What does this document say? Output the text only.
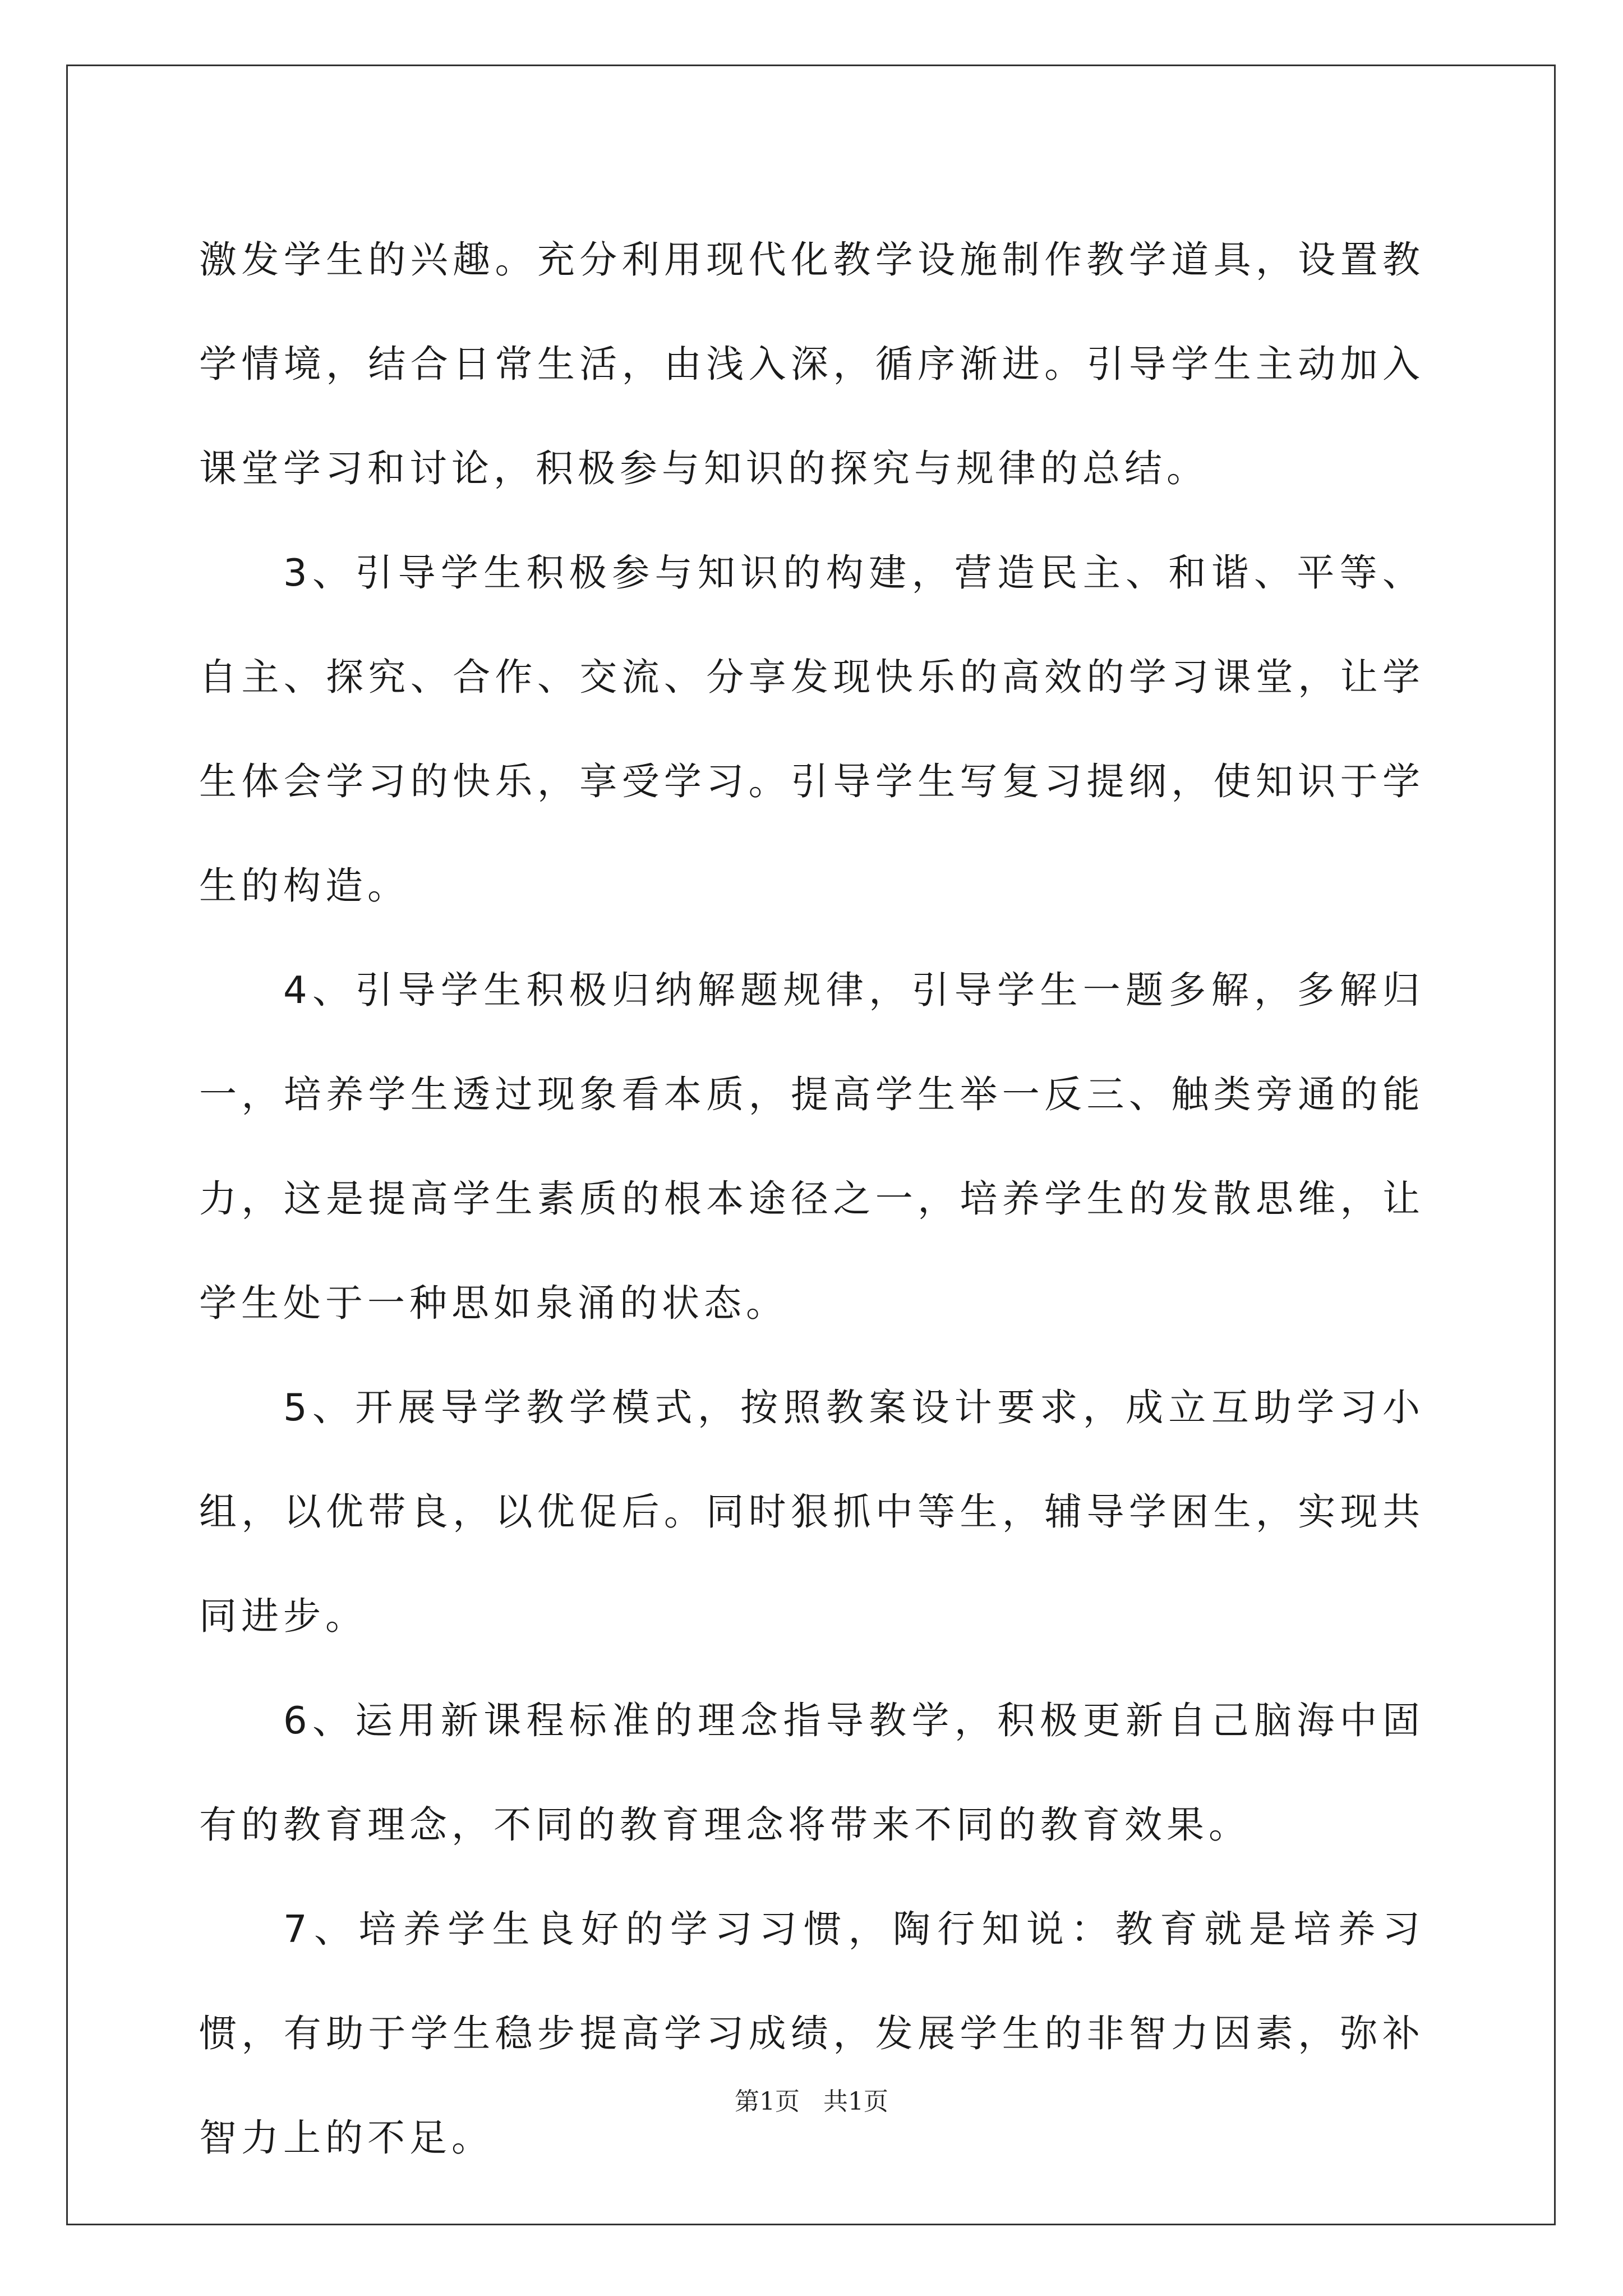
激发学生的兴趣。充分利用现代化教学设施制作教学道具，设置教学情境，结合日常生活，由浅入深，循序渐进。引导学生主动加入课堂学习和讨论，积极参与知识的探究与规律的总结。

3、引导学生积极参与知识的构建，营造民主、和谐、平等、自主、探究、合作、交流、分享发现快乐的高效的学习课堂，让学生体会学习的快乐，享受学习。引导学生写复习提纲，使知识于学生的构造。

4、引导学生积极归纳解题规律，引导学生一题多解，多解归一，培养学生透过现象看本质，提高学生举一反三、触类旁通的能力，这是提高学生素质的根本途径之一，培养学生的发散思维，让学生处于一种思如泉涌的状态。

5、开展导学教学模式，按照教案设计要求，成立互助学习小组，以优带良，以优促后。同时狠抓中等生，辅导学困生，实现共同进步。

6、运用新课程标准的理念指导教学，积极更新自己脑海中固有的教育理念，不同的教育理念将带来不同的教育效果。

7、培养学生良好的学习习惯，陶行知说：教育就是培养习惯，有助于学生稳步提高学习成绩，发展学生的非智力因素，弥补智力上的不足。

第1页   共1页
